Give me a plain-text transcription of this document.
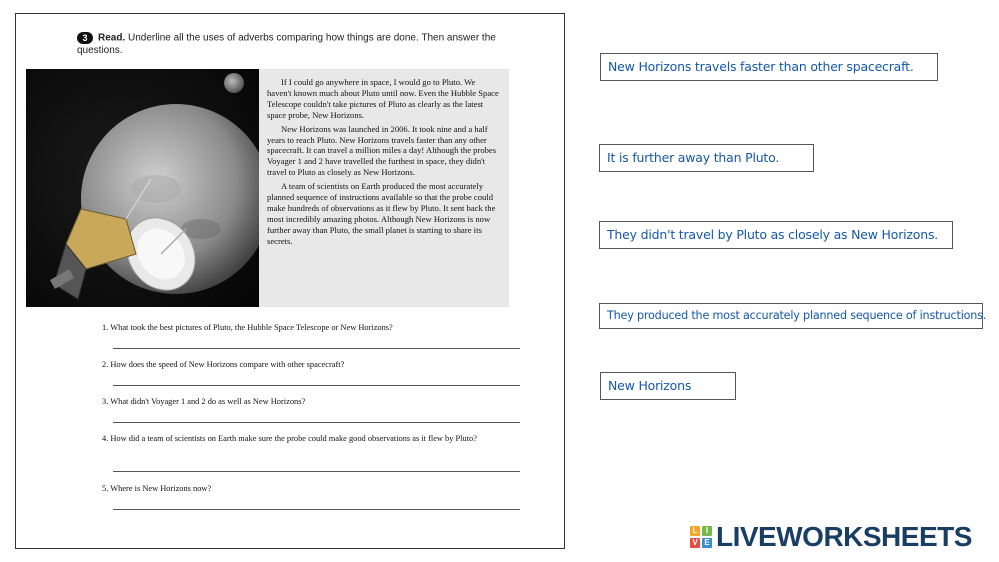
3 Read. Underline all the uses of adverbs comparing how things are done. Then answer the questions.

If I could go anywhere in space, I would go to Pluto. We haven't known much about Pluto until now. Even the Hubble Space Telescope couldn't take pictures of Pluto as clearly as the latest space probe, New Horizons.

New Horizons was launched in 2006. It took nine and a half years to reach Pluto. New Horizons travels faster than any other spacecraft. It can travel a million miles a day! Although the probes Voyager 1 and 2 have travelled the furthest in space, they didn't travel to Pluto as closely as New Horizons.

A team of scientists on Earth produced the most accurately planned sequence of instructions available so that the probe could make hundreds of observations as it flew by Pluto. It sent back the most incredibly amazing photos. Although New Horizons is now further away than Pluto, the small planet is starting to share its secrets.

1. What took the best pictures of Pluto, the Hubble Space Telescope or New Horizons?
2. How does the speed of New Horizons compare with other spacecraft?
3. What didn't Voyager 1 and 2 do as well as New Horizons?
4. How did a team of scientists on Earth make sure the probe could make good observations as it flew by Pluto?
5. Where is New Horizons now?
New Horizons travels faster than other spacecraft.
It is further away than Pluto.
They didn't travel by Pluto as closely as New Horizons.
They produced the most accurately planned sequence of instructions.
New Horizons
L	I
V E LIVEWORKSHEETS
